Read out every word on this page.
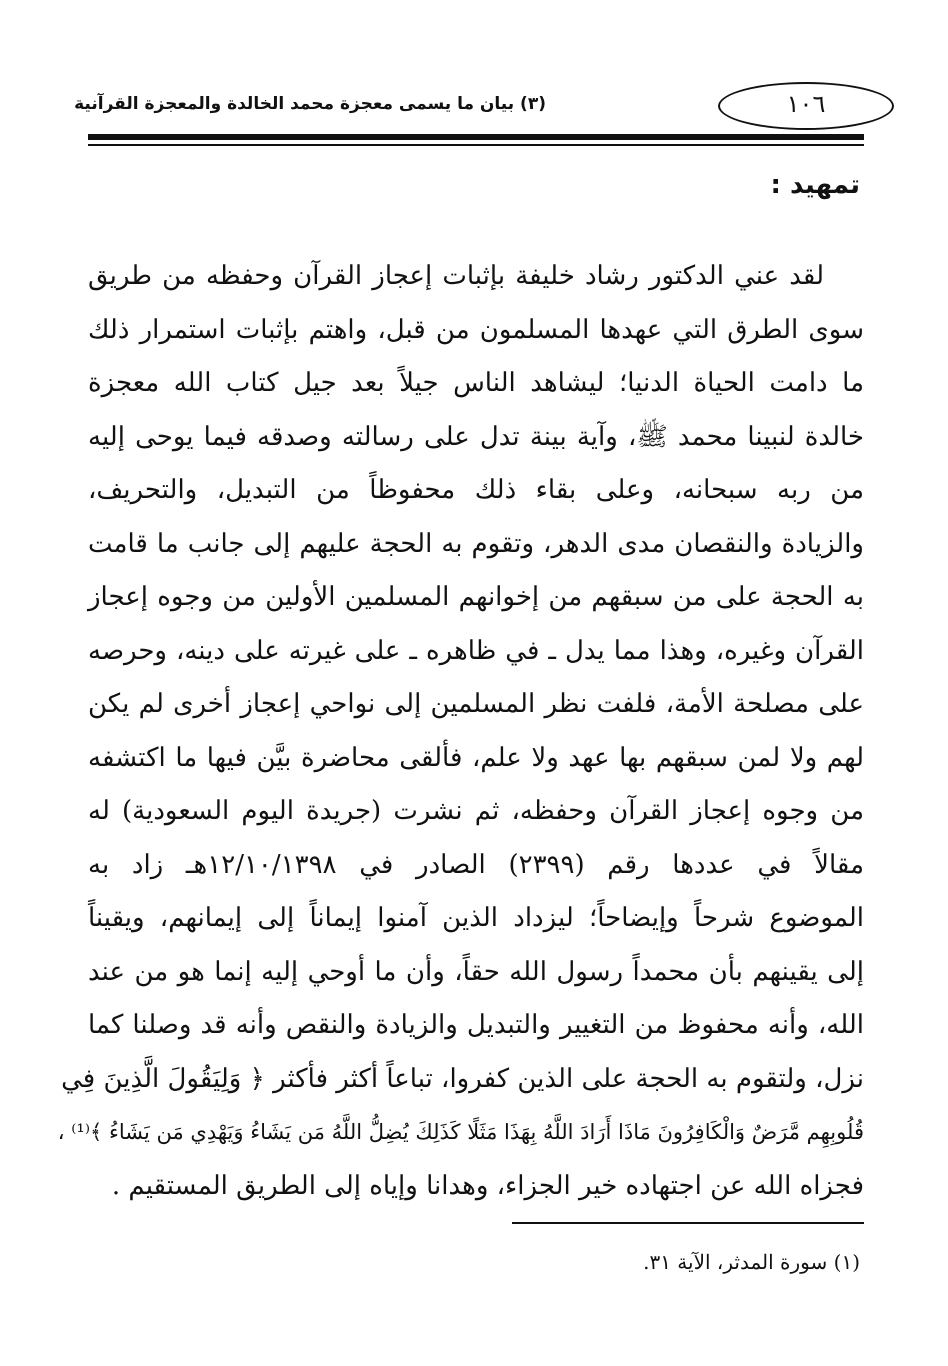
(٣) بيان ما يسمى معجزة محمد الخالدة والمعجزة القرآنية	١٠٦
تمهيد :
لقد عني الدكتور رشاد خليفة بإثبات إعجاز القرآن وحفظه من طريق
سوى الطرق التي عهدها المسلمون من قبل، واهتم بإثبات استمرار ذلك
ما دامت الحياة الدنيا؛ ليشاهد الناس جيلاً بعد جيل كتاب الله معجزة
خالدة لنبينا محمد ﷺ، وآية بينة تدل على رسالته وصدقه فيما يوحى إليه
من ربه سبحانه، وعلى بقاء ذلك محفوظاً من التبديل، والتحريف،
والزيادة والنقصان مدى الدهر، وتقوم به الحجة عليهم إلى جانب ما قامت
به الحجة على من سبقهم من إخوانهم المسلمين الأولين من وجوه إعجاز
القرآن وغيره، وهذا مما يدل ـ في ظاهره ـ على غيرته على دينه، وحرصه
على مصلحة الأمة، فلفت نظر المسلمين إلى نواحي إعجاز أخرى لم يكن
لهم ولا لمن سبقهم بها عهد ولا علم، فألقى محاضرة بيَّن فيها ما اكتشفه
من وجوه إعجاز القرآن وحفظه، ثم نشرت (جريدة اليوم السعودية) له
مقالاً في عددها رقم (٢٣٩٩) الصادر في ١٢/١٠/١٣٩٨هـ زاد به
الموضوع شرحاً وإيضاحاً؛ ليزداد الذين آمنوا إيماناً إلى إيمانهم، ويقيناً
إلى يقينهم بأن محمداً رسول الله حقاً، وأن ما أوحي إليه إنما هو من عند
الله، وأنه محفوظ من التغيير والتبديل والزيادة والنقص وأنه قد وصلنا كما
نزل، ولتقوم به الحجة على الذين كفروا، تباعاً أكثر فأكثر ﴿ وَلِيَقُولَ الَّذِينَ فِي
قُلُوبِهِم مَّرَضٌ وَالْكَافِرُونَ مَاذَا أَرَادَ اللَّهُ بِهَذَا مَثَلًا كَذَلِكَ يُضِلُّ اللَّهُ مَن يَشَاءُ وَيَهْدِي مَن يَشَاءُ ﴾⁽¹⁾ ،
فجزاه الله عن اجتهاده خير الجزاء، وهدانا وإياه إلى الطريق المستقيم .
(١) سورة المدثر، الآية ٣١.
